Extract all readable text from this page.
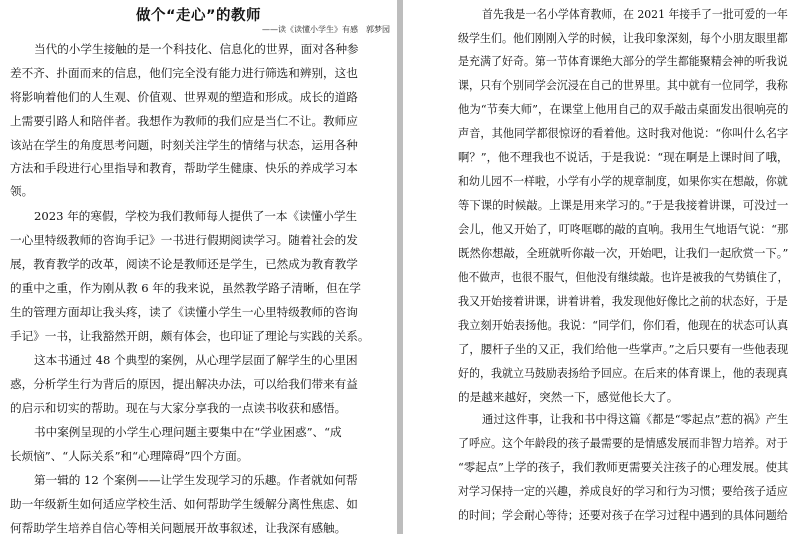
做个“走心”的教师
——读《读懂小学生》有感　郭梦园
当代的小学生接触的是一个科技化、信息化的世界，面对各种参
差不齐、扑面而来的信息，他们完全没有能力进行筛选和辨别，这也
将影响着他们的人生观、价值观、世界观的塑造和形成。成长的道路
上需要引路人和陪伴者。我想作为教师的我们应是当仁不让。教师应
该站在学生的角度思考问题，时刻关注学生的情绪与状态，运用各种
方法和手段进行心里指导和教育，帮助学生健康、快乐的养成学习本
领。
2023 年的寒假，学校为我们教师每人提供了一本《读懂小学生
一心里特级教师的咨询手记》一书进行假期阅读学习。随着社会的发
展，教育教学的改革，阅读不论是教师还是学生，已然成为教育教学
的重中之重，作为刚从教 6 年的我来说，虽然教学路子清晰，但在学
生的管理方面却让我头疼，读了《读懂小学生一心里特级教师的咨询
手记》一书，让我豁然开朗，颇有体会，也印证了理论与实践的关系。
这本书通过 48 个典型的案例，从心理学层面了解学生的心里困
惑，分析学生行为背后的原因，提出解决办法，可以给我们带来有益
的启示和切实的帮助。现在与大家分享我的一点读书收获和感悟。
书中案例呈现的小学生心理问题主要集中在“学业困惑”、“成
长烦恼”、“人际关系”和“心理障碍”四个方面。
第一辑的 12 个案例——让学生发现学习的乐趣。作者就如何帮
助一年级新生如何适应学校生活、如何帮助学生缓解分离性焦虑、如
何帮助学生培养自信心等相关问题展开故事叙述，让我深有感触。
首先我是一名小学体育教师，在 2021 年接手了一批可爱的一年
级学生们。他们刚刚入学的时候，让我印象深刻，每个小朋友眼里都
是充满了好奇。第一节体育课绝大部分的学生都能聚精会神的听我说
课，只有个别同学会沉浸在自己的世界里。其中就有一位同学，我称
他为“节奏大师”，在课堂上他用自己的双手敲击桌面发出很响亮的
声音，其他同学都很惊讶的看着他。这时我对他说：“你叫什么名字
啊？”，他不理我也不说话，于是我说：“现在啊是上课时间了哦，
和幼儿园不一样啦，小学有小学的规章制度，如果你实在想敲，你就
等下课的时候敲。上课是用来学习的。”于是我接着讲课，可没过一
会儿，他又开始了，叮咚哐啷的敲的直响。我用生气地语气说：“那
既然你想敲，全班就听你敲一次，开始吧，让我们一起欣赏一下。”
他不做声，也很不服气，但他没有继续敲。也许是被我的气势镇住了，
我又开始接着讲课，讲着讲着，我发现他好像比之前的状态好，于是
我立刻开始表扬他。我说：“同学们，你们看，他现在的状态可认真
了，腰杆子坐的又正，我们给他一些掌声。”之后只要有一些他表现
好的，我就立马鼓励表扬给予回应。在后来的体育课上，他的表现真
的是越来越好，突然一下，感觉他长大了。
通过这件事，让我和书中得这篇《都是“零起点”惹的祸》产生
了呼应。这个年龄段的孩子最需要的是情感发展而非智力培养。对于
“零起点”上学的孩子，我们教师更需要关注孩子的心理发展。使其
对学习保持一定的兴趣，养成良好的学习和行为习惯；要给孩子适应
的时间；学会耐心等待；还要对孩子在学习过程中遇到的具体问题给
